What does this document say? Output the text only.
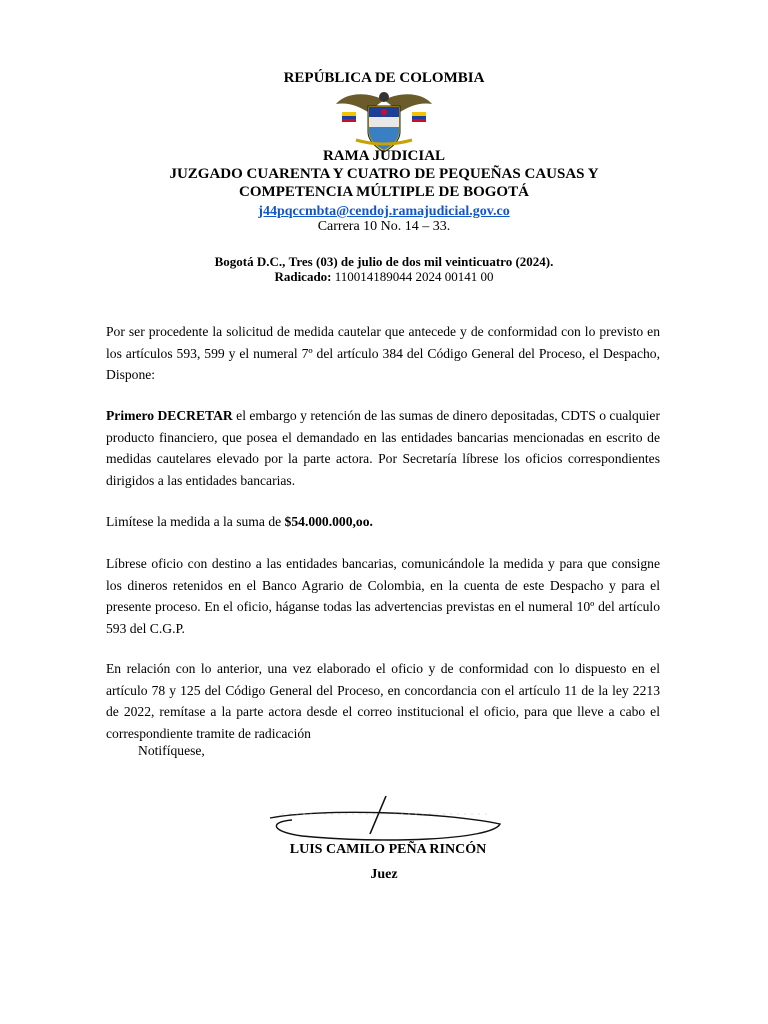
REPÚBLICA DE COLOMBIA
RAMA JUDICIAL
JUZGADO CUARENTA Y CUATRO DE PEQUEÑAS CAUSAS Y
COMPETENCIA MÚLTIPLE DE BOGOTÁ
j44pqccmbta@cendoj.ramajudicial.gov.co
Carrera 10 No. 14 – 33.
Bogotá D.C., Tres (03) de julio de dos mil veinticuatro (2024).
Radicado: 110014189044 2024 00141 00

Por ser procedente la solicitud de medida cautelar que antecede y de conformidad con lo previsto en los artículos 593, 599 y el numeral 7º del artículo 384 del Código General del Proceso, el Despacho, Dispone:

Primero DECRETAR el embargo y retención de las sumas de dinero depositadas, CDTS o cualquier producto financiero, que posea el demandado en las entidades bancarias mencionadas en escrito de medidas cautelares elevado por la parte actora. Por Secretaría líbrese los oficios correspondientes dirigidos a las entidades bancarias.

Limítese la medida a la suma de $54.000.000,oo.

Líbrese oficio con destino a las entidades bancarias, comunicándole la medida y para que consigne los dineros retenidos en el Banco Agrario de Colombia, en la cuenta de este Despacho y para el presente proceso. En el oficio, háganse todas las advertencias previstas en el numeral 10º del artículo 593 del C.G.P.

En relación con lo anterior, una vez elaborado el oficio y de conformidad con lo dispuesto en el artículo 78 y 125 del Código General del Proceso, en concordancia con el artículo 11 de la ley 2213 de 2022, remítase a la parte actora desde el correo institucional el oficio, para que lleve a cabo el correspondiente tramite de radicación

Notifíquese,
LUIS CAMILO PEÑA RINCÓN
Juez
